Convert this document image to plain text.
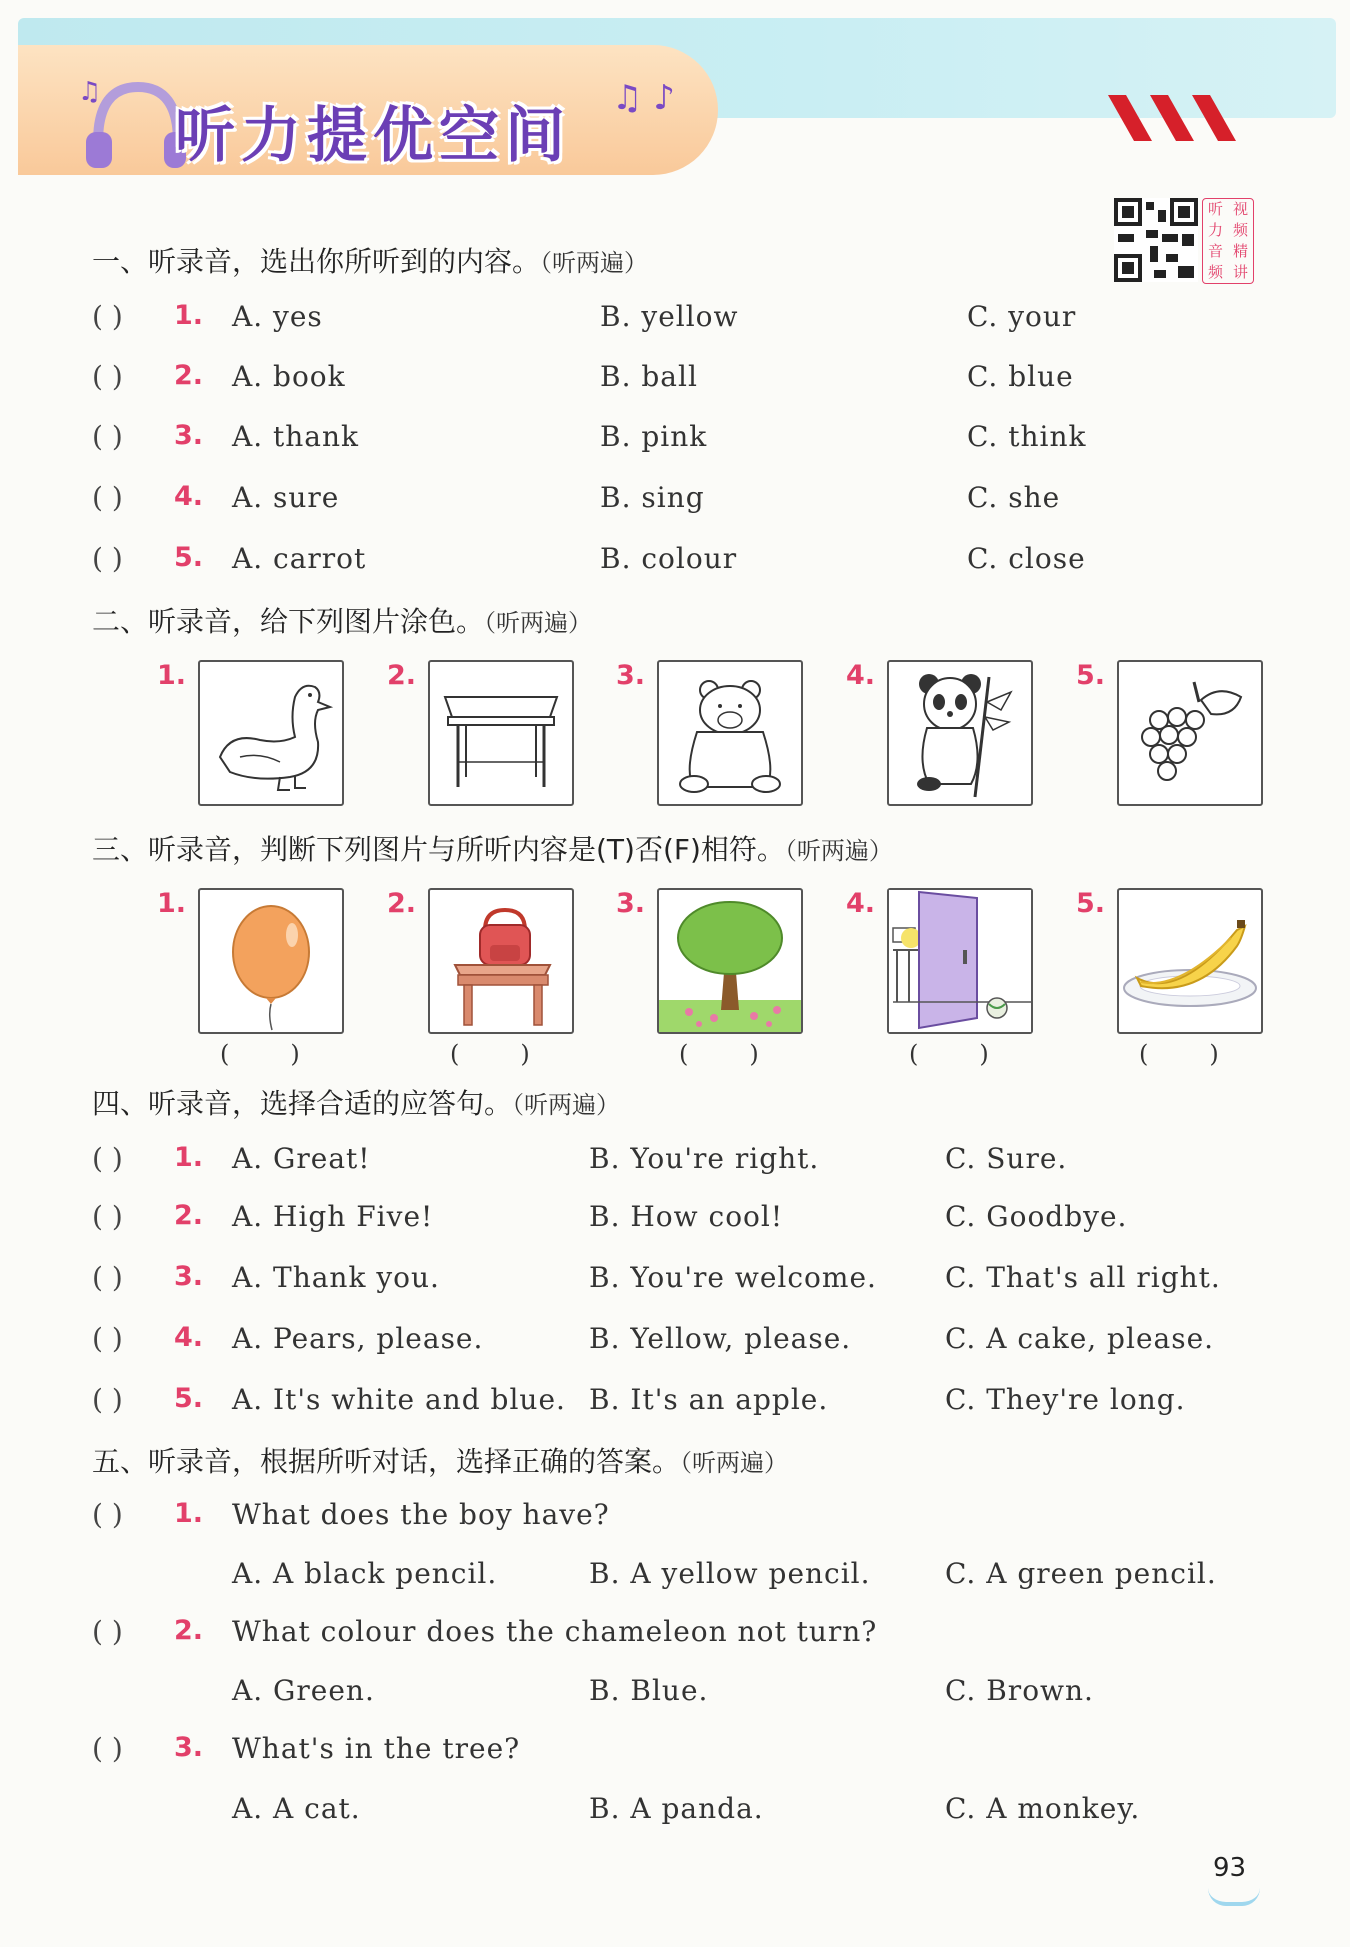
♫
听力提优空间
♫ ♪
听 视
力 频
音 精
频 讲
一、听录音，选出你所听到的内容。（听两遍）
( ) 1. A. yes	B. yellow	C. your
( ) 2. A. book	B. ball	C. blue
( ) 3. A. thank	B. pink	C. think
( ) 4. A. sure	B. sing	C. she
( ) 5. A. carrot	B. colour	C. close
二、听录音，给下列图片涂色。（听两遍）
1.	2.	3.	4.	5.
三、听录音，判断下列图片与所听内容是(T)否(F)相符。（听两遍）
1.	2.	3.	4.	5.
(        )	(        )	(        )	(        )	(        )
四、听录音，选择合适的应答句。（听两遍）
( ) 1. A. Great!	B. You're right.	C. Sure.
( ) 2. A. High Five!	B. How cool!	C. Goodbye.
( ) 3. A. Thank you.	B. You're welcome. C. That's all right.
( ) 4. A. Pears, please.	B. Yellow, please.	C. A cake, please.
( ) 5. A. It's white and blue. B. It's an apple.	C. They're long.
五、听录音，根据所听对话，选择正确的答案。（听两遍）
( ) 1. What does the boy have?
A. A black pencil.	B. A yellow pencil.	C. A green pencil.
( ) 2. What colour does the chameleon not turn?
A. Green.	B. Blue.	C. Brown.
( ) 3. What's in the tree?
A. A cat.	B. A panda.	C. A monkey.
93
